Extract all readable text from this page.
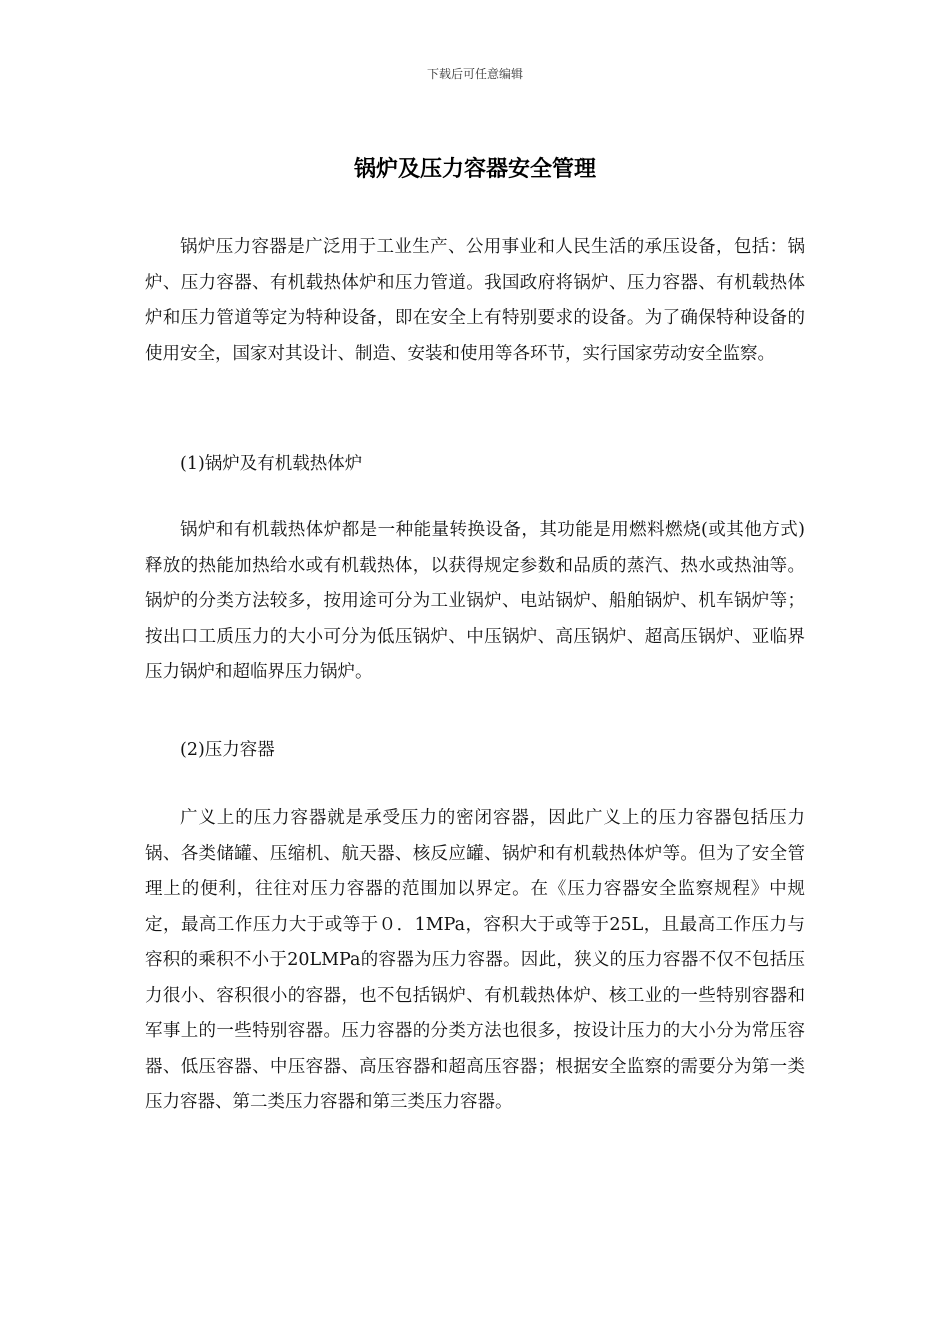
下载后可任意编辑
锅炉及压力容器安全管理

锅炉压力容器是广泛用于工业生产、公用事业和人民生活的承压设备，包括：锅炉、压力容器、有机载热体炉和压力管道。我国政府将锅炉、压力容器、有机载热体炉和压力管道等定为特种设备，即在安全上有特别要求的设备。为了确保特种设备的使用安全，国家对其设计、制造、安装和使用等各环节，实行国家劳动安全监察。

(1)锅炉及有机载热体炉

锅炉和有机载热体炉都是一种能量转换设备，其功能是用燃料燃烧(或其他方式)释放的热能加热给水或有机载热体，以获得规定参数和品质的蒸汽、热水或热油等。锅炉的分类方法较多，按用途可分为工业锅炉、电站锅炉、船舶锅炉、机车锅炉等；按出口工质压力的大小可分为低压锅炉、中压锅炉、高压锅炉、超高压锅炉、亚临界压力锅炉和超临界压力锅炉。

(2)压力容器

广义上的压力容器就是承受压力的密闭容器，因此广义上的压力容器包括压力锅、各类储罐、压缩机、航天器、核反应罐、锅炉和有机载热体炉等。但为了安全管理上的便利，往往对压力容器的范围加以界定。在《压力容器安全监察规程》中规定，最高工作压力大于或等于０．1MPa，容积大于或等于25L，且最高工作压力与容积的乘积不小于20LMPa的容器为压力容器。因此，狭义的压力容器不仅不包括压力很小、容积很小的容器，也不包括锅炉、有机载热体炉、核工业的一些特别容器和军事上的一些特别容器。压力容器的分类方法也很多，按设计压力的大小分为常压容器、低压容器、中压容器、高压容器和超高压容器；根据安全监察的需要分为第一类压力容器、第二类压力容器和第三类压力容器。
